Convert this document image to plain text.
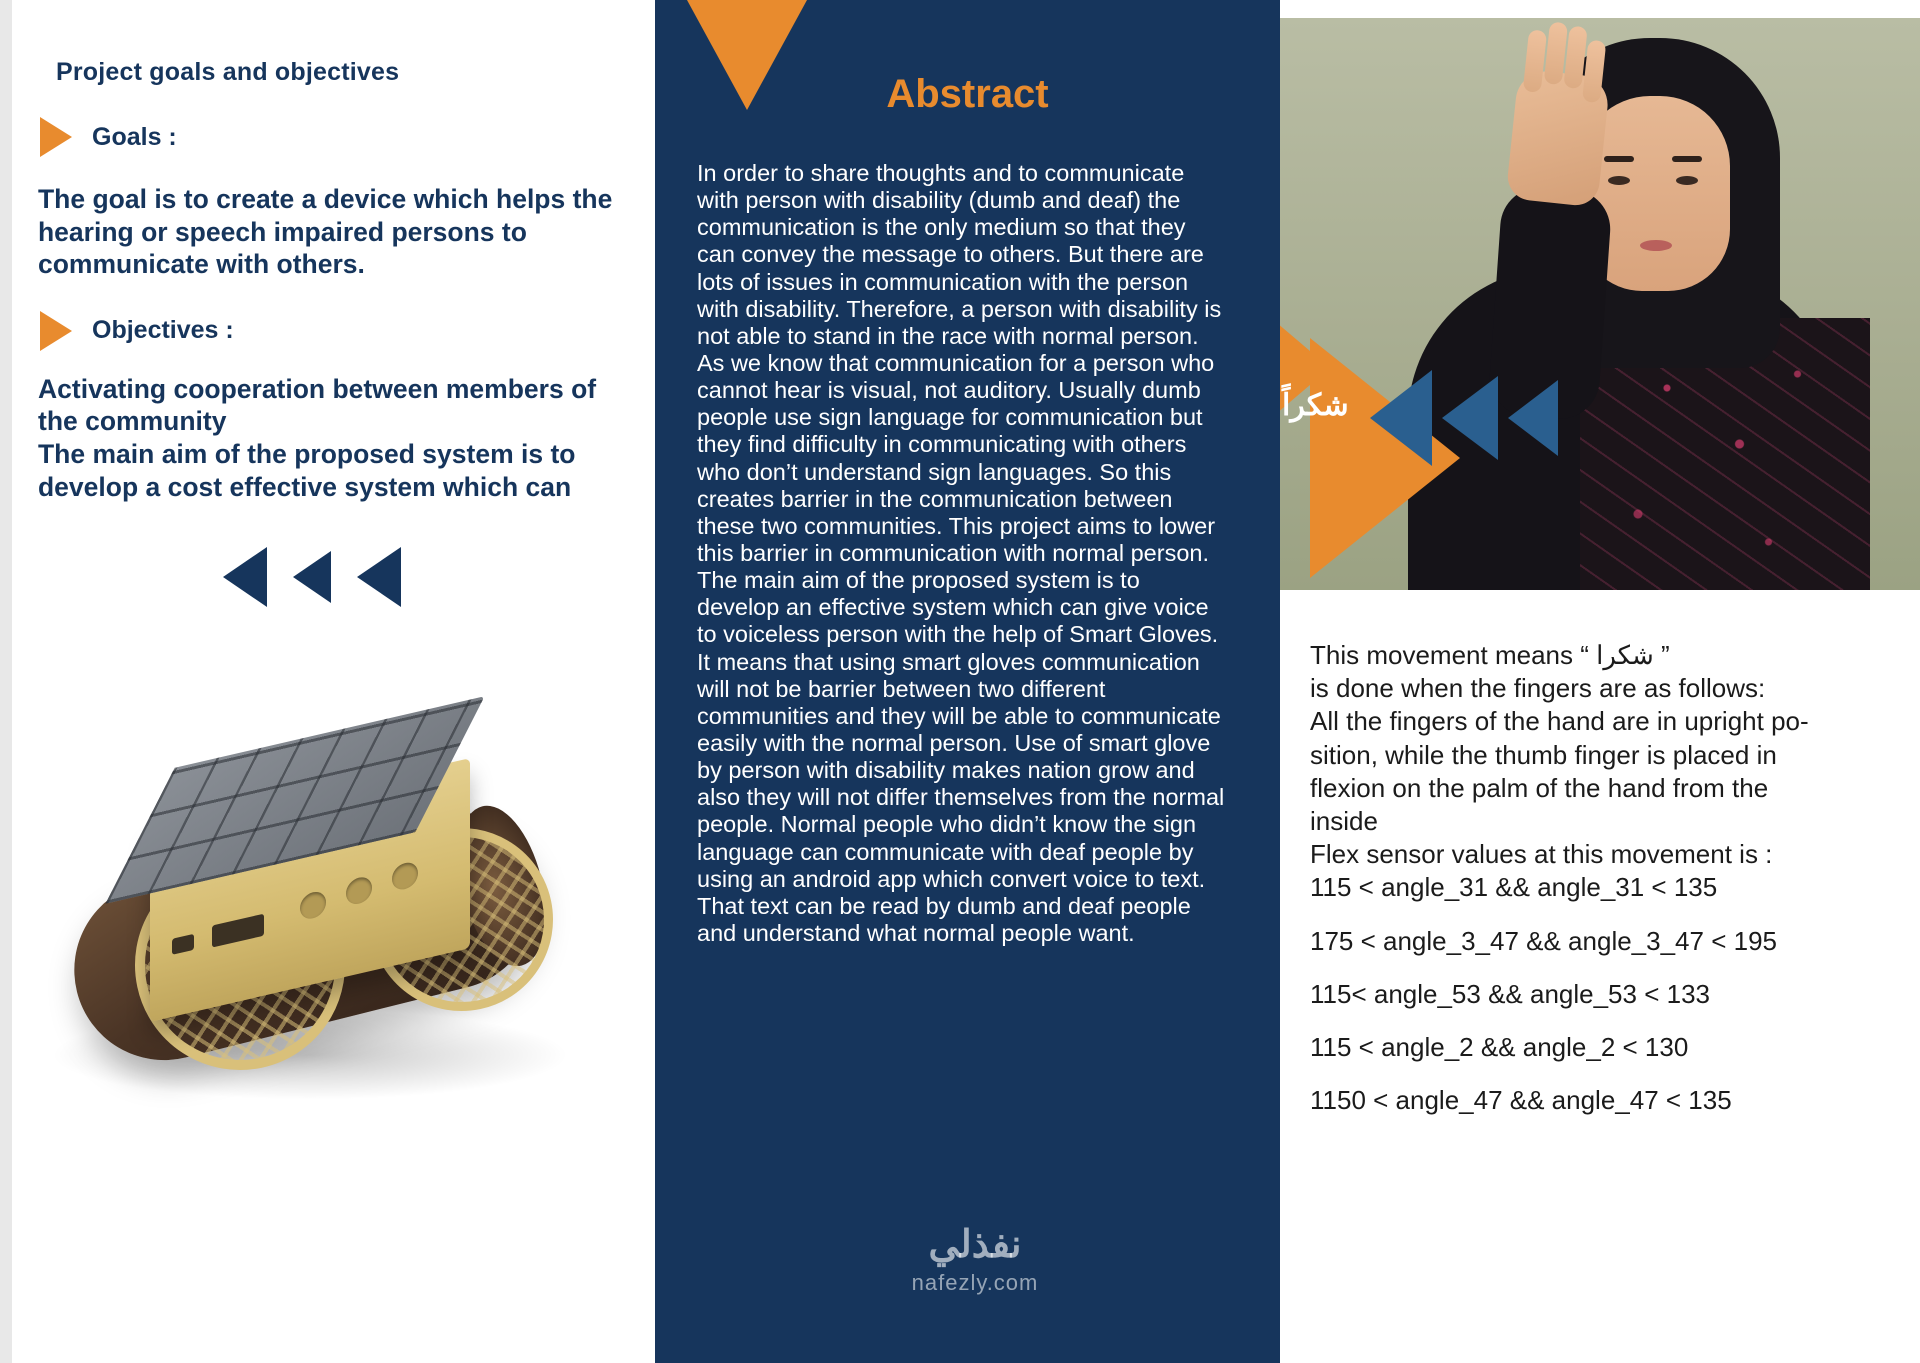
Project goals and objectives
Goals :
The goal is to create a device which helps the hearing or speech impaired persons to communicate with others.
Objectives :
Activating cooperation between members of the community
The main aim of the proposed system is to develop a cost effective system which can
Abstract
In order to share thoughts and to communicate with person with disability (dumb and deaf) the communication is the only medium so that they can convey the message to others. But there are lots of issues in communication with the person with disability. Therefore, a person with disability is not able to stand in the race with normal person. As we know that communication for a person who cannot hear is visual, not auditory. Usually dumb people use sign language for communication but they find difficulty in communicating with others who don’t understand sign languages. So this creates barrier in the communication between these two communities. This project aims to lower this barrier in communication with normal person. The main aim of the proposed system is to develop an effective system which can give voice to voiceless person with the help of Smart Gloves. It means that using smart gloves communication will not be barrier between two different communities and they will be able to communicate easily with the normal person. Use of smart glove by person with disability makes nation grow and also they will not differ themselves from the normal people. Normal people who didn’t know the sign language can communicate with deaf people by using an android app which convert voice to text. That text can be read by dumb and deaf people and understand what normal people want.
شكراً

This movement means “ شكرا ”

is done when the fingers are as follows:

All the fingers of the hand are in upright po-

sition, while the thumb finger is placed in

flexion on the palm of the hand from the

inside

Flex sensor values at this movement is :

115 < angle_31 && angle_31 < 135

175 < angle_3_47 && angle_3_47 < 195

115< angle_53 && angle_53 < 133

115 < angle_2 && angle_2 < 130

1150 < angle_47 && angle_47 < 135

نفذلي
nafezly.com
